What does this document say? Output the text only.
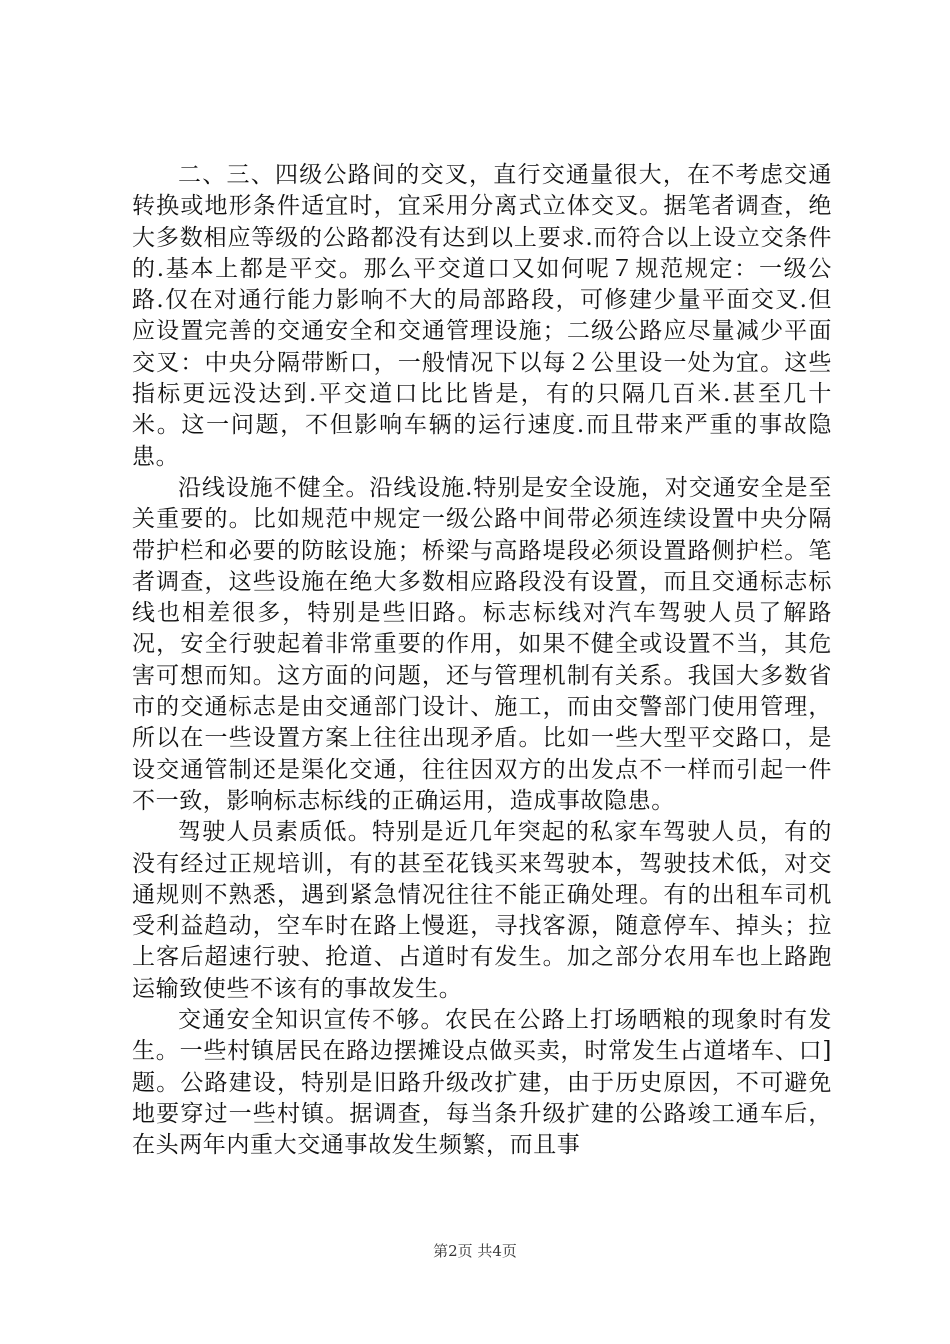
二、三、四级公路间的交叉，直行交通量很大，在不考虑交通转换或地形条件适宜时，宜采用分离式立体交叉。据笔者调查，绝大多数相应等级的公路都没有达到以上要求.而符合以上设立交条件的.基本上都是平交。那么平交道口又如何呢７规范规定：一级公路.仅在对通行能力影响不大的局部路段，可修建少量平面交叉.但应设置完善的交通安全和交通管理设施；二级公路应尽量减少平面交叉：中央分隔带断口，一般情况下以每２公里设一处为宜。这些指标更远没达到.平交道口比比皆是，有的只隔几百米.甚至几十米。这一问题，不但影响车辆的运行速度.而且带来严重的事故隐患。

沿线设施不健全。沿线设施.特别是安全设施，对交通安全是至关重要的。比如规范中规定一级公路中间带必须连续设置中央分隔带护栏和必要的防眩设施；桥梁与高路堤段必须设置路侧护栏。笔者调查，这些设施在绝大多数相应路段没有设置，而且交通标志标线也相差很多，特别是些旧路。标志标线对汽车驾驶人员了解路况，安全行驶起着非常重要的作用，如果不健全或设置不当，其危害可想而知。这方面的问题，还与管理机制有关系。我国大多数省市的交通标志是由交通部门设计、施工，而由交警部门使用管理，所以在一些设置方案上往往出现矛盾。比如一些大型平交路口，是设交通管制还是渠化交通，往往因双方的出发点不一样而引起一件不一致，影响标志标线的正确运用，造成事故隐患。

驾驶人员素质低。特别是近几年突起的私家车驾驶人员，有的没有经过正规培训，有的甚至花钱买来驾驶本，驾驶技术低，对交通规则不熟悉，遇到紧急情况往往不能正确处理。有的出租车司机受利益趋动，空车时在路上慢逛，寻找客源，随意停车、掉头；拉上客后超速行驶、抢道、占道时有发生。加之部分农用车也上路跑运输致使些不该有的事故发生。

交通安全知识宣传不够。农民在公路上打场晒粮的现象时有发生。一些村镇居民在路边摆摊设点做买卖，时常发生占道堵车、口]题。公路建设，特别是旧路升级改扩建，由于历史原因，不可避免地要穿过一些村镇。据调查，每当条升级扩建的公路竣工通车后，在头两年内重大交通事故发生频繁，而且事

第2页 共4页
